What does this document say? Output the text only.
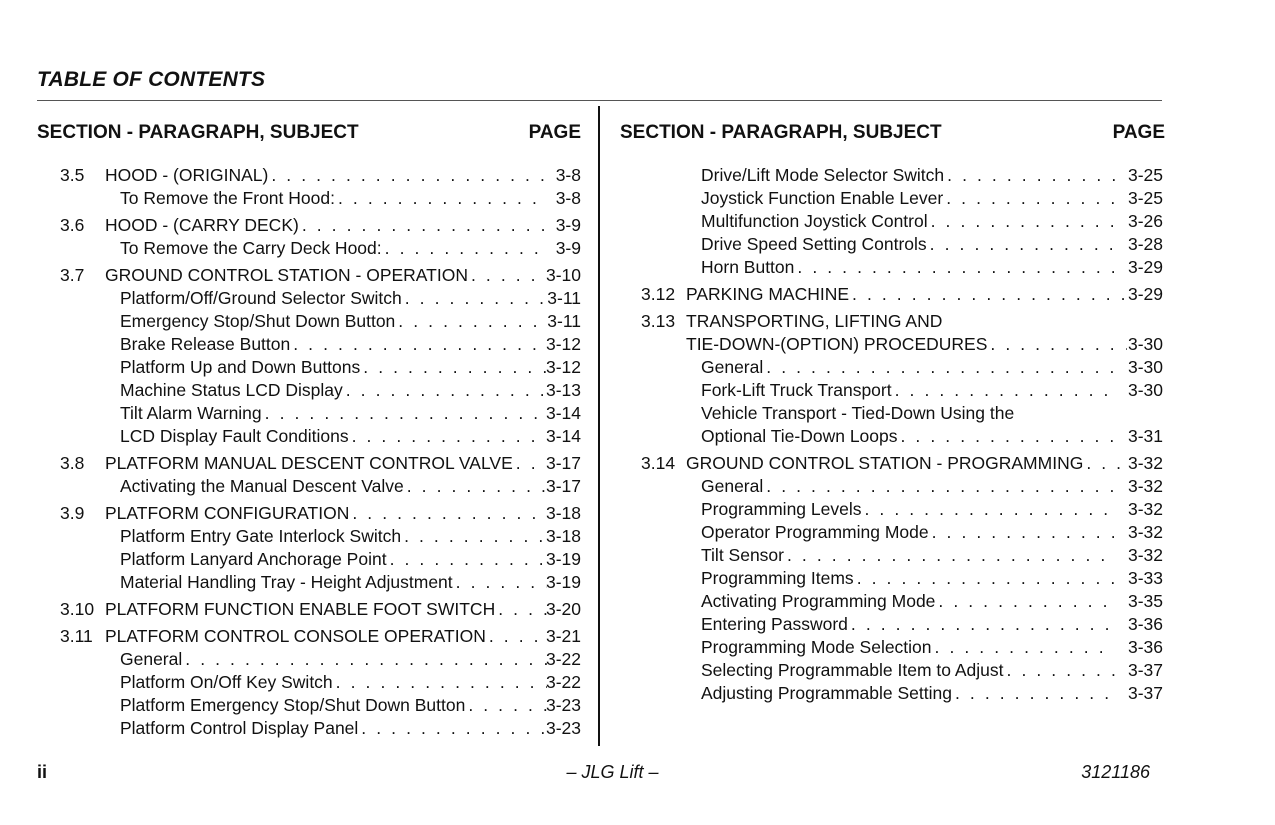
TABLE OF CONTENTS
SECTION - PARAGRAPH, SUBJECT	PAGE
3.5 HOOD - (ORIGINAL) . . .	3-8
To Remove the Front Hood: . . .	3-8
3.6 HOOD - (CARRY DECK) . . .	3-9
To Remove the Carry Deck Hood: . . .	3-9
3.7 GROUND CONTROL STATION - OPERATION . . .	3-10
Platform/Off/Ground Selector Switch . . .	3-11
Emergency Stop/Shut Down Button . . .	3-11
Brake Release Button . . .	3-12
Platform Up and Down Buttons . . .	3-12
Machine Status LCD Display . . .	3-13
Tilt Alarm Warning . . .	3-14
LCD Display Fault Conditions . . .	3-14
3.8 PLATFORM MANUAL DESCENT CONTROL VALVE . . . 3-17
Activating the Manual Descent Valve . . .	3-17
3.9 PLATFORM CONFIGURATION . . .	3-18
Platform Entry Gate Interlock Switch . . .	3-18
Platform Lanyard Anchorage Point . . .	3-19
Material Handling Tray - Height Adjustment . . .	3-19
3.10 PLATFORM FUNCTION ENABLE FOOT SWITCH . . .	3-20
3.11 PLATFORM CONTROL CONSOLE OPERATION . . .	3-21
General . . .	3-22
Platform On/Off Key Switch . . .	3-22
Platform Emergency Stop/Shut Down Button . . .	3-23
Platform Control Display Panel . . .	3-23
SECTION - PARAGRAPH, SUBJECT	PAGE
Drive/Lift Mode Selector Switch . . .	3-25
Joystick Function Enable Lever . . .	3-25
Multifunction Joystick Control . . .	3-26
Drive Speed Setting Controls . . .	3-28
Horn Button . . .	3-29
3.12 PARKING MACHINE . . .	3-29
3.13 TRANSPORTING, LIFTING AND
TIE-DOWN-(OPTION) PROCEDURES . . .	3-30
General . . .	3-30
Fork-Lift Truck Transport . . .	3-30
Vehicle Transport - Tied-Down Using the
Optional Tie-Down Loops . . .	3-31
3.14 GROUND CONTROL STATION - PROGRAMMING . . .	3-32
General . . .	3-32
Programming Levels . . .	3-32
Operator Programming Mode . . .	3-32
Tilt Sensor . . .	3-32
Programming Items . . .	3-33
Activating Programming Mode . . .	3-35
Entering Password . . .	3-36
Programming Mode Selection . . .	3-36
Selecting Programmable Item to Adjust . . .	3-37
Adjusting Programmable Setting . . .	3-37
ii	– JLG Lift –	3121186
